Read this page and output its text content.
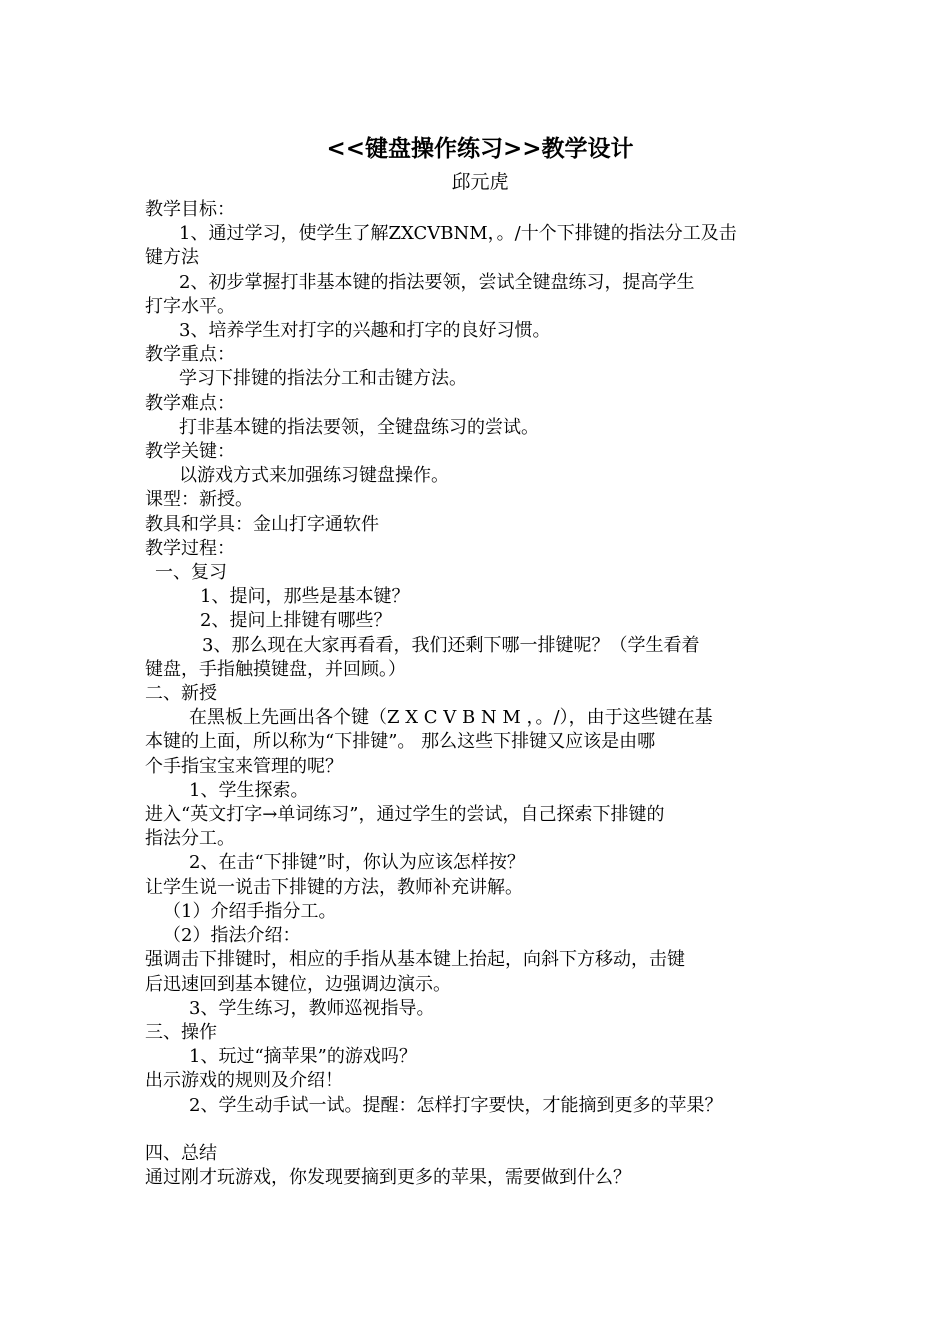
<<键盘操作练习>>教学设计
邱元虎

教学目标：

1、通过学习，使学生了解ZXCVBNM，。/十个下排键的指法分工及击

键方法

2、初步掌握打非基本键的指法要领，尝试全键盘练习，提高学生

打字水平。

3、培养学生对打字的兴趣和打字的良好习惯。

教学重点：

学习下排键的指法分工和击键方法。

教学难点：

打非基本键的指法要领，全键盘练习的尝试。

教学关键：

以游戏方式来加强练习键盘操作。

课型：新授。

教具和学具：金山打字通软件

教学过程：

一、复习

1、提问，那些是基本键？

2、提问上排键有哪些？

3、那么现在大家再看看，我们还剩下哪一排键呢？（学生看着

键盘，手指触摸键盘，并回顾。）

二、新授

在黑板上先画出各个键（Z X C V B N M ，。/），由于这些键在基

本键的上面，所以称为“下排键”。 那么这些下排键又应该是由哪

个手指宝宝来管理的呢？

1、学生探索。

进入“英文打字→单词练习”，通过学生的尝试，自己探索下排键的

指法分工。

2、在击“下排键”时，你认为应该怎样按？

让学生说一说击下排键的方法，教师补充讲解。

（1）介绍手指分工。

（2）指法介绍：

强调击下排键时，相应的手指从基本键上抬起，向斜下方移动，击键

后迅速回到基本键位，边强调边演示。

3、学生练习，教师巡视指导。

三、操作

1、玩过“摘苹果”的游戏吗？

出示游戏的规则及介绍！

2、学生动手试一试。提醒：怎样打字要快，才能摘到更多的苹果？

四、总结

通过刚才玩游戏，你发现要摘到更多的苹果，需要做到什么？
